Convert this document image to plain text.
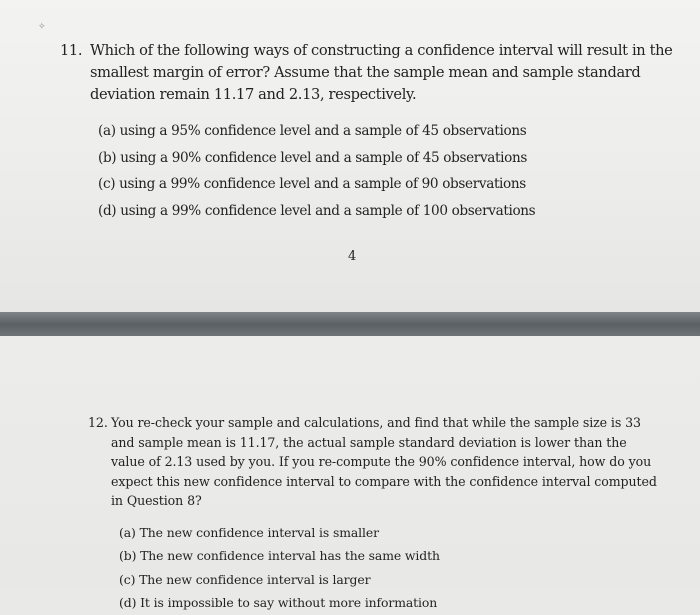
✧
11. Which of the following ways of constructing a confidence interval will result in the smallest margin of error? Assume that the sample mean and sample standard deviation remain 11.17 and 2.13, respectively.
(a) using a 95% confidence level and a sample of 45 observations
(b) using a 90% confidence level and a sample of 45 observations
(c) using a 99% confidence level and a sample of 90 observations
(d) using a 99% confidence level and a sample of 100 observations
4
12. You re-check your sample and calculations, and find that while the sample size is 33 and sample mean is 11.17, the actual sample standard deviation is lower than the value of 2.13 used by you. If you re-compute the 90% confidence interval, how do you expect this new confidence interval to compare with the confidence interval computed in Question 8?
(a) The new confidence interval is smaller
(b) The new confidence interval has the same width
(c) The new confidence interval is larger
(d) It is impossible to say without more information
